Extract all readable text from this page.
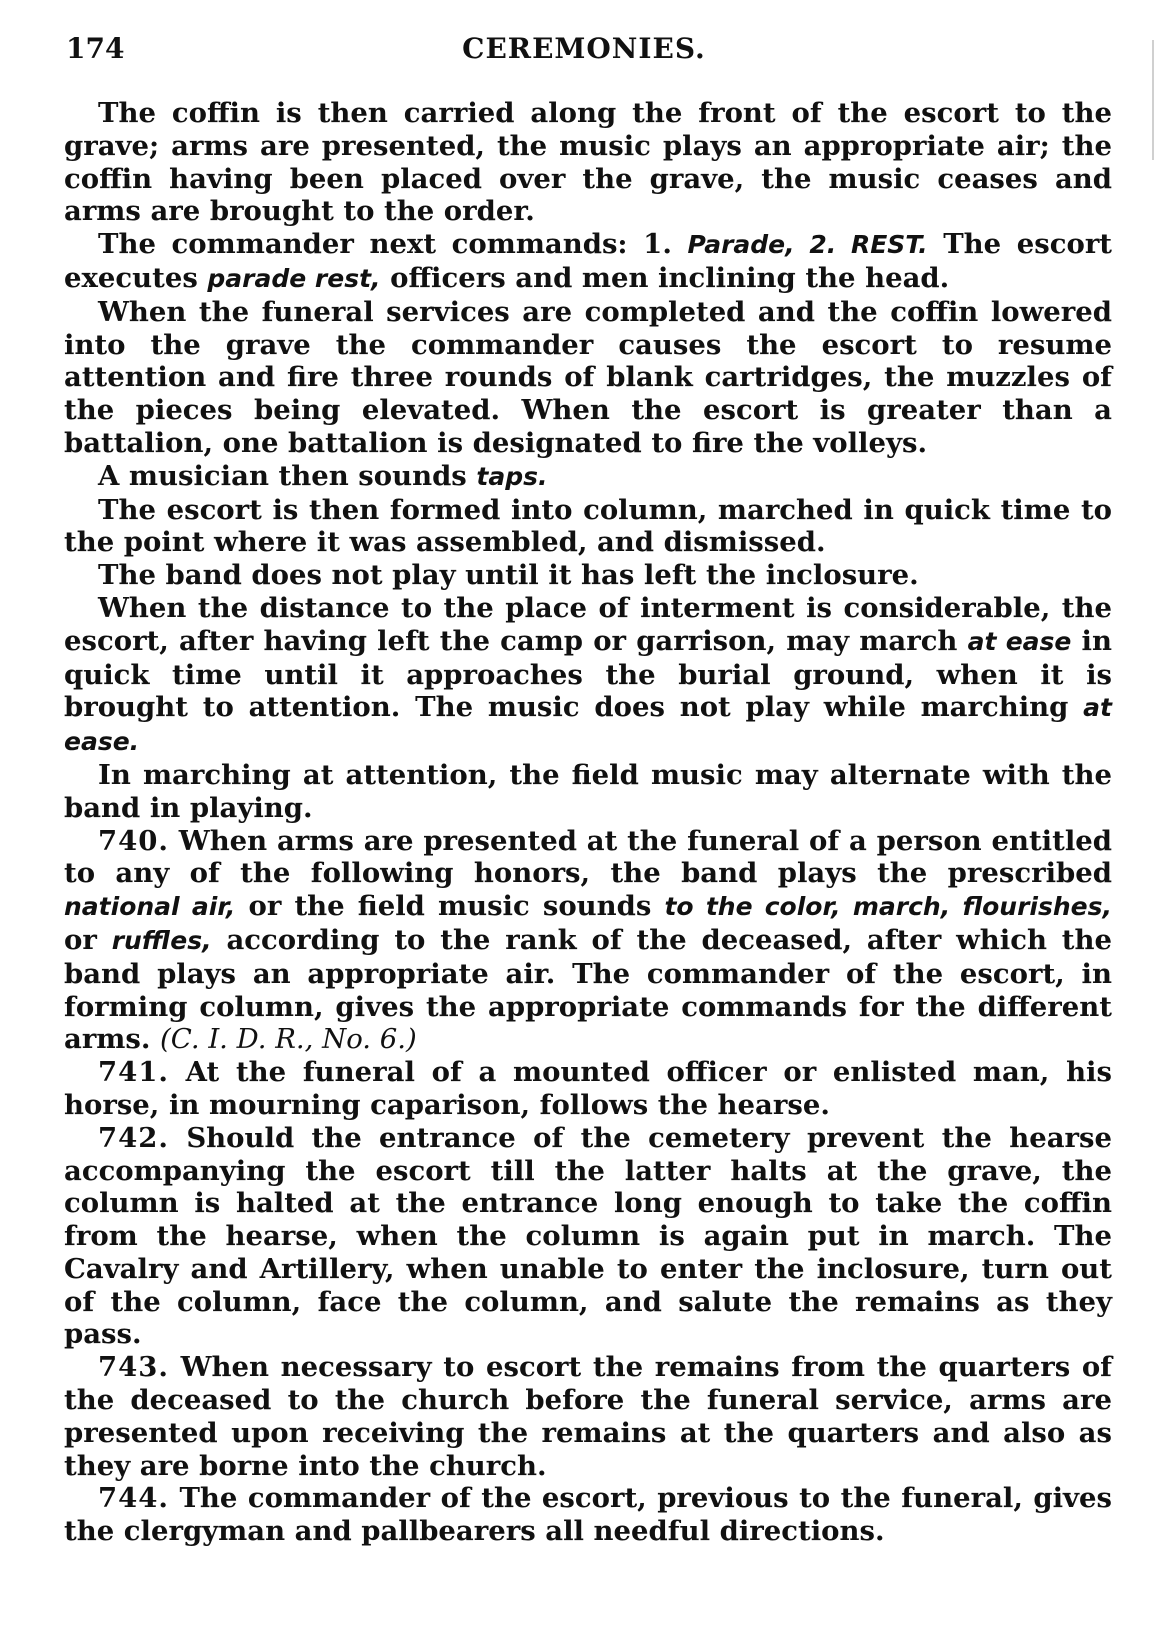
174	CEREMONIES.

The coffin is then carried along the front of the escort to the grave; arms are presented, the music plays an appropriate air; the coffin having been placed over the grave, the music ceases and arms are brought to the order.

The commander next commands: 1. Parade, 2. REST. The escort executes parade rest, officers and men inclining the head.

When the funeral services are completed and the coffin lowered into the grave the commander causes the escort to resume attention and fire three rounds of blank cartridges, the muzzles of the pieces being elevated. When the escort is greater than a battalion, one battalion is designated to fire the volleys.

A musician then sounds taps.

The escort is then formed into column, marched in quick time to the point where it was assembled, and dismissed.

The band does not play until it has left the inclosure.

When the distance to the place of interment is considerable, the escort, after having left the camp or garrison, may march at ease in quick time until it approaches the burial ground, when it is brought to attention. The music does not play while marching at ease.

In marching at attention, the field music may alternate with the band in playing.

740. When arms are presented at the funeral of a person entitled to any of the following honors, the band plays the prescribed national air, or the field music sounds to the color, march, flourishes, or ruffles, according to the rank of the deceased, after which the band plays an appropriate air. The commander of the escort, in forming column, gives the appropriate commands for the different arms. (C. I. D. R., No. 6.)

741. At the funeral of a mounted officer or enlisted man, his horse, in mourning caparison, follows the hearse.

742. Should the entrance of the cemetery prevent the hearse accompanying the escort till the latter halts at the grave, the column is halted at the entrance long enough to take the coffin from the hearse, when the column is again put in march. The Cavalry and Artillery, when unable to enter the inclosure, turn out of the column, face the column, and salute the remains as they pass.

743. When necessary to escort the remains from the quarters of the deceased to the church before the funeral service, arms are presented upon receiving the remains at the quarters and also as they are borne into the church.

744. The commander of the escort, previous to the funeral, gives the clergyman and pallbearers all needful directions.
